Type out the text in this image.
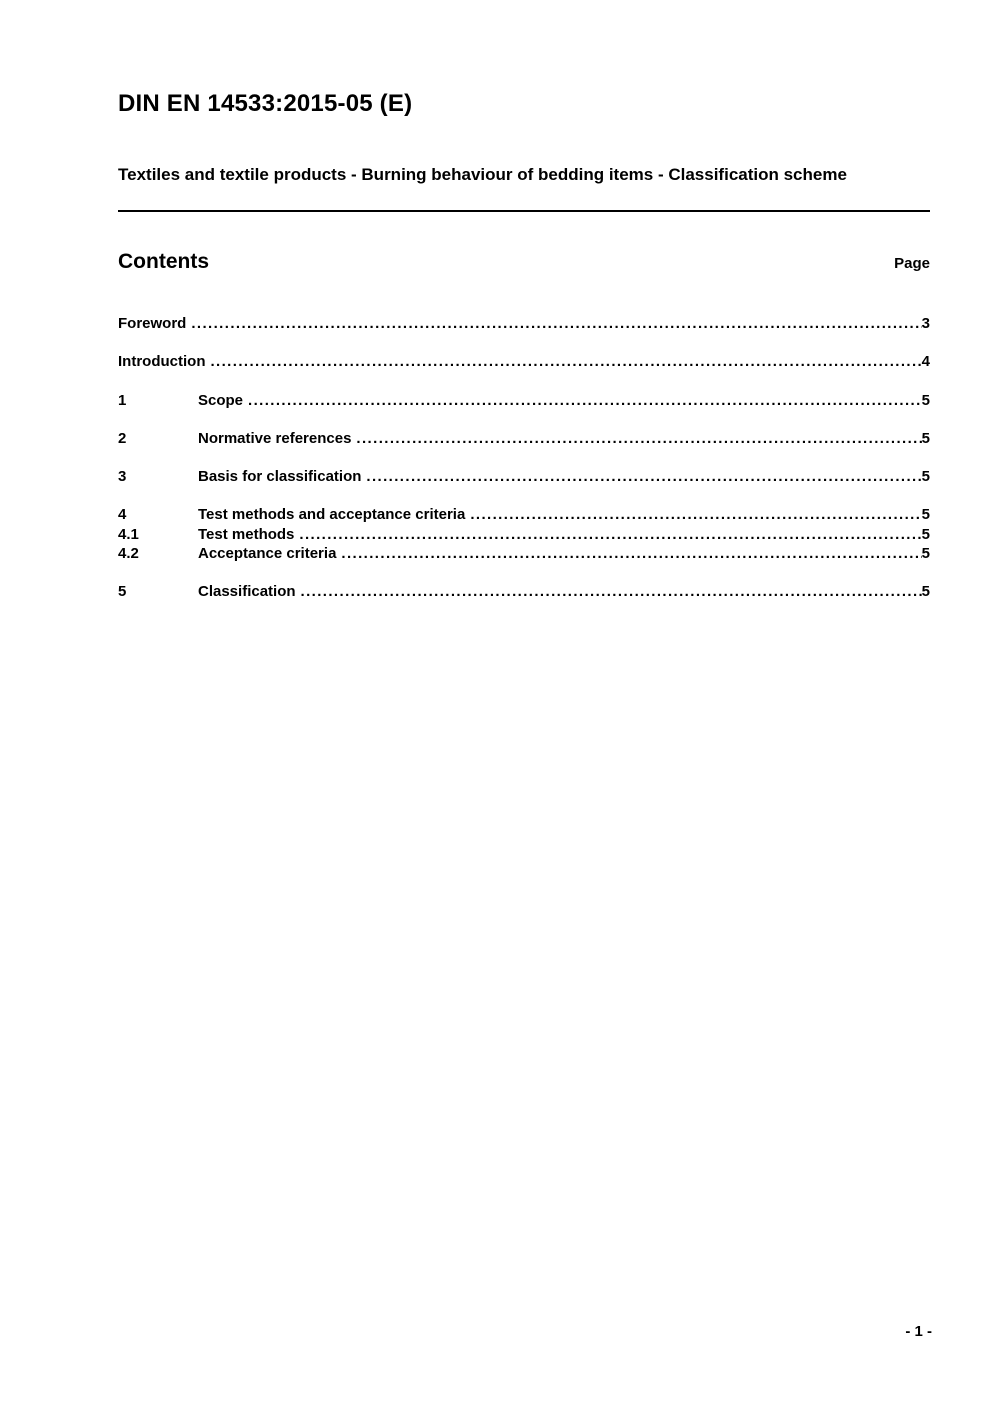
DIN EN 14533:2015-05 (E)
Textiles and textile products - Burning behaviour of bedding items - Classification scheme
Contents	Page
Foreword .....	3
Introduction .....	4
1	Scope .....	5
2	Normative references .....	5
3	Basis for classification .....	5
4	Test methods and acceptance criteria .....	5
4.1	Test methods .....	5
4.2	Acceptance criteria .....	5
5	Classification .....	5
- 1 -
